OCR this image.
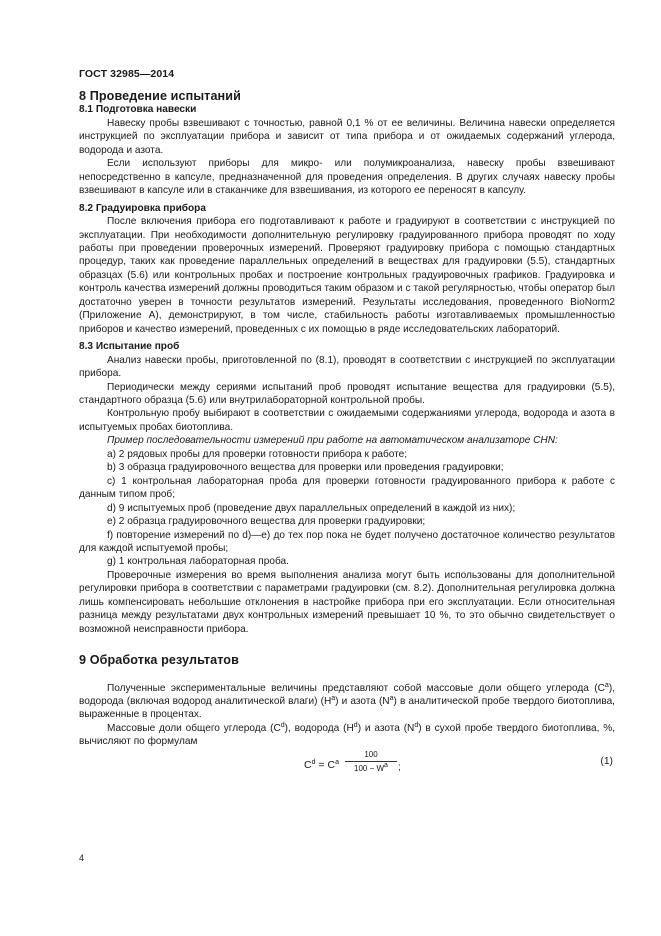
ГОСТ 32985—2014

8 Проведение испытаний

8.1 Подготовка навески

Навеску пробы взвешивают с точностью, равной 0,1 % от ее величины. Величина навески определяется инструкцией по эксплуатации прибора и зависит от типа прибора и от ожидаемых содержаний углерода, водорода и азота.

Если используют приборы для микро- или полумикроанализа, навеску пробы взвешивают непосредственно в капсуле, предназначенной для проведения определения. В других случаях навеску пробы взвешивают в капсуле или в стаканчике для взвешивания, из которого ее переносят в капсулу.

8.2 Градуировка прибора

После включения прибора его подготавливают к работе и градуируют в соответствии с инструкцией по эксплуатации. При необходимости дополнительную регулировку градуированного прибора проводят по ходу работы при проведении проверочных измерений. Проверяют градуировку прибора с помощью стандартных процедур, таких как проведение параллельных определений в веществах для градуировки (5.5), стандартных образцах (5.6) или контрольных пробах и построение контрольных градуировочных графиков. Градуировка и контроль качества измерений должны проводиться таким образом и с такой регулярностью, чтобы оператор был достаточно уверен в точности результатов измерений. Результаты исследования, проведенного BioNorm2 (Приложение А), демонстрируют, в том числе, стабильность работы изготавливаемых промышленностью приборов и качество измерений, проведенных с их помощью в ряде исследовательских лабораторий.

8.3 Испытание проб

Анализ навески пробы, приготовленной по (8.1), проводят в соответствии с инструкцией по эксплуатации прибора.

Периодически между сериями испытаний проб проводят испытание вещества для градуировки (5.5), стандартного образца (5.6) или внутрилабораторной контрольной пробы.

Контрольную пробу выбирают в соответствии с ожидаемыми содержаниями углерода, водорода и азота в испытуемых пробах биотоплива.

Пример последовательности измерений при работе на автоматическом анализаторе CHN:

a) 2 рядовых пробы для проверки готовности прибора к работе;

b) 3 образца градуировочного вещества для проверки или проведения градуировки;

c) 1 контрольная лабораторная проба для проверки готовности градуированного прибора к работе с данным типом проб;

d) 9 испытуемых проб (проведение двух параллельных определений в каждой из них);

e) 2 образца градуировочного вещества для проверки градуировки;

f) повторение измерений по d)—e) до тех пор пока не будет получено достаточное количество результатов для каждой испытуемой пробы;

g) 1 контрольная лабораторная проба.

Проверочные измерения во время выполнения анализа могут быть использованы для дополнительной регулировки прибора в соответствии с параметрами градуировки (см. 8.2). Дополнительная регулировка должна лишь компенсировать небольшие отклонения в настройке прибора при его эксплуатации. Если относительная разница между результатами двух контрольных измерений превышает 10 %, то это обычно свидетельствует о возможной неисправности прибора.

9 Обработка результатов

Полученные экспериментальные величины представляют собой массовые доли общего углерода $(C^a)$, водорода (включая водород аналитической влаги) $(H^a)$ и азота $(N^a)$ в аналитической пробе твердого биотоплива, выраженные в процентах.

Массовые доли общего углерода $(C^d)$, водорода $(H^d)$ и азота $(N^d)$ в сухой пробе твердого биотоплива, %, вычисляют по формулам

$C^d = C^a \frac{100}{100 - W^a}$ ;
(1)
4
